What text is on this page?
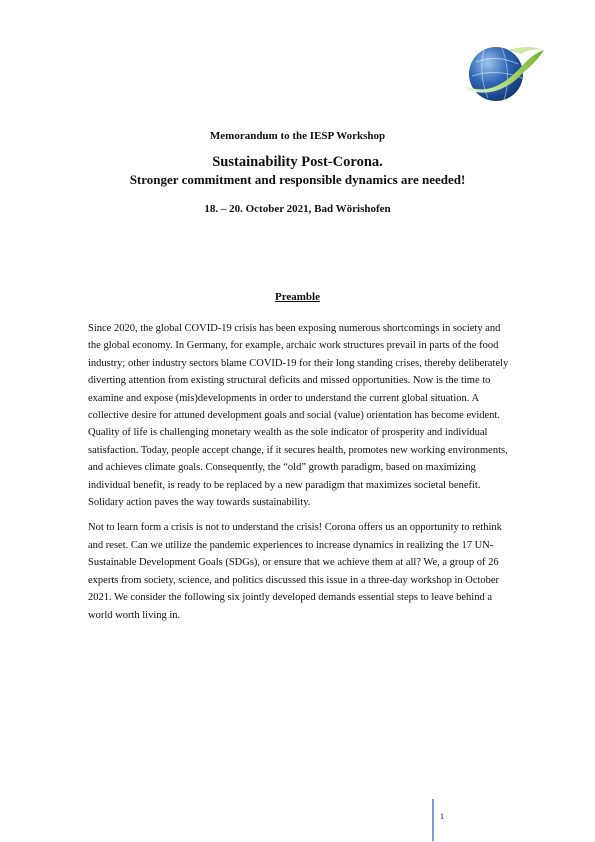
Memorandum to the IESP Workshop
Sustainability Post-Corona.
Stronger commitment and responsible dynamics are needed!
18. – 20. October 2021, Bad Wörishofen
Preamble

Since 2020, the global COVID-19 crisis has been exposing numerous shortcomings in society and the global economy. In Germany, for example, archaic work structures prevail in parts of the food industry; other industry sectors blame COVID-19 for their long standing crises, thereby deliberately diverting attention from existing structural deficits and missed opportunities. Now is the time to examine and expose (mis)developments in order to understand the current global situation. A collective desire for attuned development goals and social (value) orientation has become evident. Quality of life is challenging monetary wealth as the sole indicator of prosperity and individual satisfaction. Today, people accept change, if it secures health, promotes new working environments, and achieves climate goals. Consequently, the “old” growth paradigm, based on maximizing individual benefit, is ready to be replaced by a new paradigm that maximizes societal benefit. Solidary action paves the way towards sustainability.

Not to learn form a crisis is not to understand the crisis! Corona offers us an opportunity to rethink and reset. Can we utilize the pandemic experiences to increase dynamics in realizing the 17 UN-Sustainable Development Goals (SDGs), or ensure that we achieve them at all? We, a group of 26 experts from society, science, and politics discussed this issue in a three-day workshop in October 2021. We consider the following six jointly developed demands essential steps to leave behind a world worth living in.

1
